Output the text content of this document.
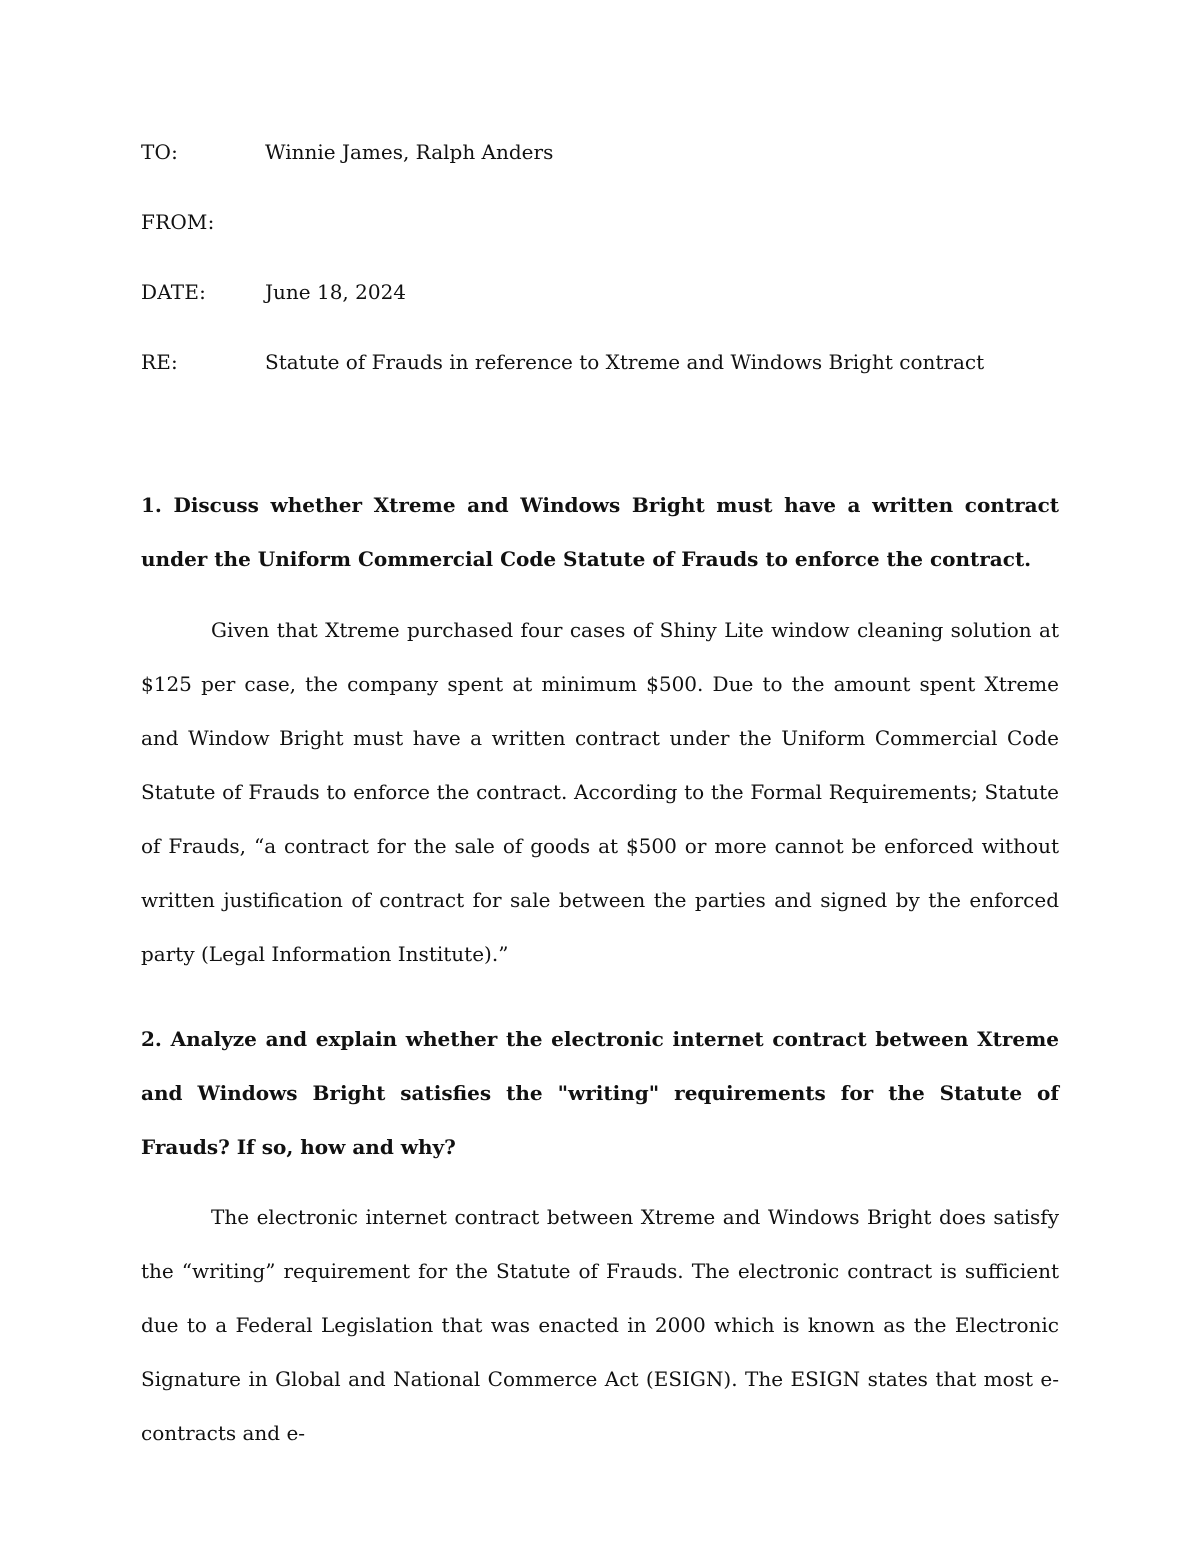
TO:	Winnie James, Ralph Anders
FROM:
DATE:	June 18, 2024
RE:	Statute of Frauds in reference to Xtreme and Windows Bright contract

1. Discuss whether Xtreme and Windows Bright must have a written contract under the Uniform Commercial Code Statute of Frauds to enforce the contract.

Given that Xtreme purchased four cases of Shiny Lite window cleaning solution at $125 per case, the company spent at minimum $500. Due to the amount spent Xtreme and Window Bright must have a written contract under the Uniform Commercial Code Statute of Frauds to enforce the contract. According to the Formal Requirements; Statute of Frauds, “a contract for the sale of goods at $500 or more cannot be enforced without written justification of contract for sale between the parties and signed by the enforced party (Legal Information Institute).”

2. Analyze and explain whether the electronic internet contract between Xtreme and Windows Bright satisfies the "writing" requirements for the Statute of Frauds? If so, how and why?

The electronic internet contract between Xtreme and Windows Bright does satisfy the “writing” requirement for the Statute of Frauds. The electronic contract is sufficient due to a Federal Legislation that was enacted in 2000 which is known as the Electronic Signature in Global and National Commerce Act (ESIGN). The ESIGN states that most e-contracts and e-
